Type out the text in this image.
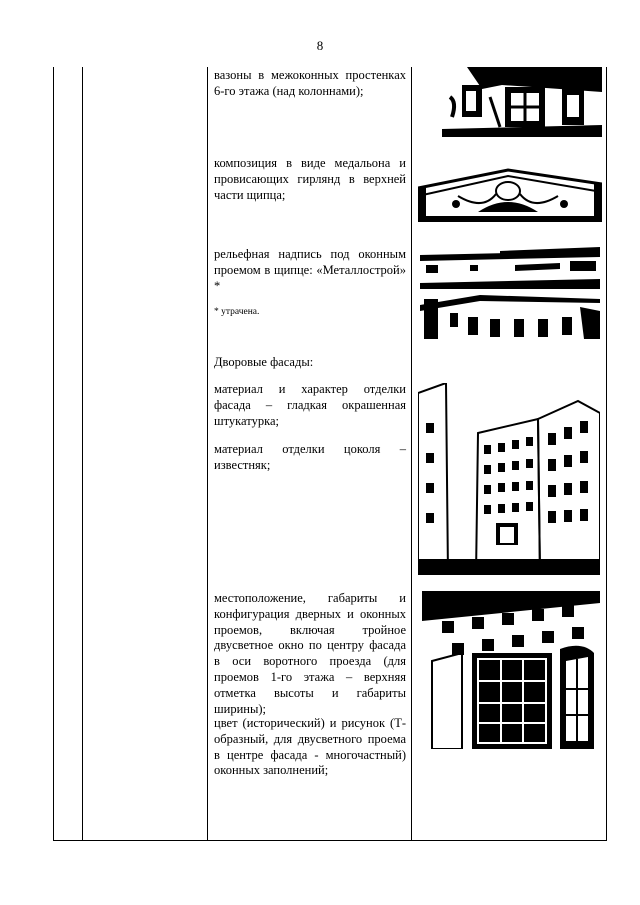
8
вазоны в межоконных простенках 6-го этажа (над колоннами);
композиция в виде медальона и провисающих гирлянд в верхней части щипца;
рельефная надпись под оконным проемом в щипце: «Металлострой» *
* утрачена.
Дворовые фасады:
материал и характер отделки фасада – гладкая окрашенная штукатурка;
материал отделки цоколя – известняк;
местоположение, габариты и конфигурация дверных и оконных проемов, включая тройное двусветное окно по центру фасада в оси воротного проезда (для проемов 1-го этажа – верхняя отметка высоты и габариты ширины);
цвет (исторический) и рисунок (Т-образный, для двусветного проема в центре фасада - многочастный) оконных заполнений;
